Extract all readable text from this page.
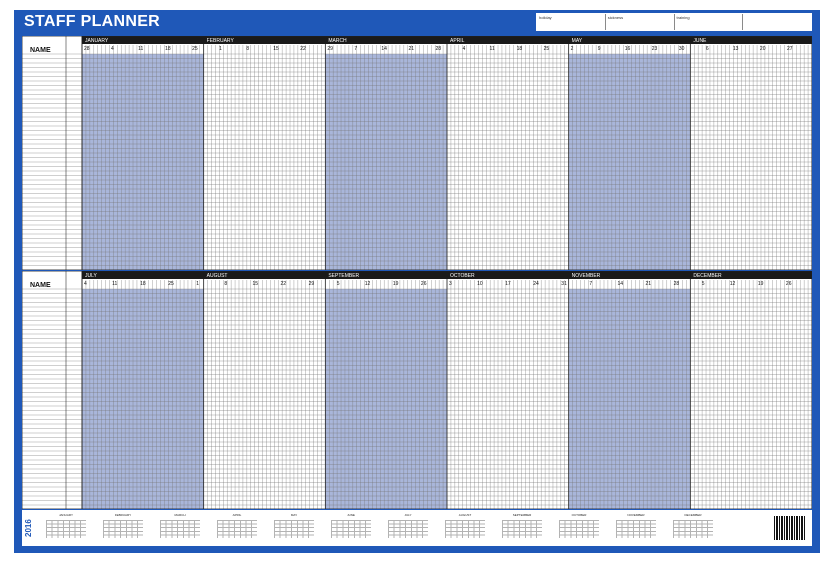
STAFF PLANNER	holiday	sickness	training
JANUARY	FEBRUARY	MARCH	APRIL	MAY	JUNE
NAME	28	4	11	18	25	1	8	15	22	29	7	14	21	28	4	11	18	25	2	9	16	23	30	6	13	20	27
JULY	AUGUST	SEPTEMBER	OCTOBER	NOVEMBER	DECEMBER
NAME	4	11	18	25	1	8	15	22	29	5	12	19	26	3	10	17	24	31	7	14	21	28	5	12	19	26
2016
JANUARY	FEBRUARY	MARCH	APRIL	MAY	JUNE	JULY	AUGUST	SEPTEMBER	OCTOBER	NOVEMBER	DECEMBER
